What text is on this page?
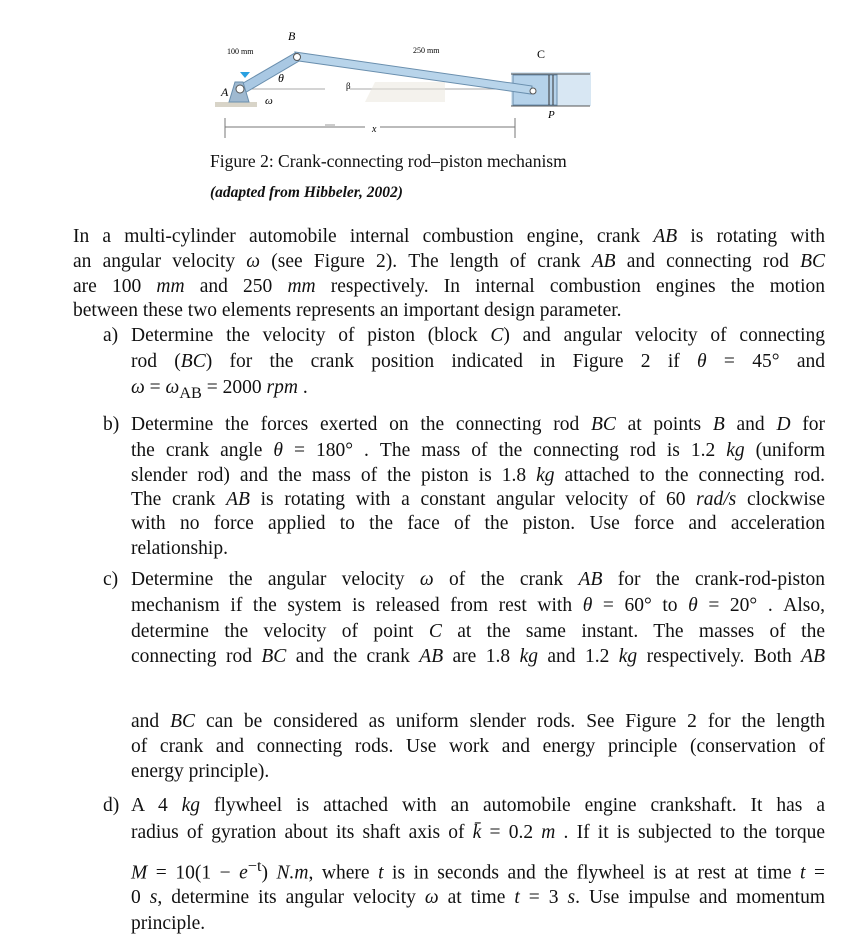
100 mm	250 mm
B
C
A
θ
ω
β
x
P
Figure 2: Crank-connecting rod–piston mechanism
(adapted from Hibbeler, 2002)
In a multi-cylinder automobile internal combustion engine, crank AB is rotating with
an angular velocity ω (see Figure 2). The length of crank AB and connecting rod BC
are 100 mm and 250 mm respectively. In internal combustion engines the motion
between these two elements represents an important design parameter.
a) Determine the velocity of piston (block C) and angular velocity of connecting
rod (BC) for the crank position indicated in Figure 2 if θ = 45° and
$\omega = \omega_{AB} = 2000$ rpm .
b) Determine the forces exerted on the connecting rod BC at points B and D for
the crank angle θ = 180° . The mass of the connecting rod is 1.2 kg (uniform
slender rod) and the mass of the piston is 1.8 kg attached to the connecting rod.
The crank AB is rotating with a constant angular velocity of 60 rad/s clockwise
with no force applied to the face of the piston. Use force and acceleration
relationship.
c) Determine the angular velocity ω of the crank AB for the crank-rod-piston
mechanism if the system is released from rest with θ = 60° to θ = 20° . Also,
determine the velocity of point C at the same instant. The masses of the
connecting rod BC and the crank AB are 1.8 kg and 1.2 kg respectively. Both AB
and BC can be considered as uniform slender rods. See Figure 2 for the length
of crank and connecting rods. Use work and energy principle (conservation of
energy principle).
d) A 4 kg flywheel is attached with an automobile engine crankshaft. It has a
radius of gyration about its shaft axis of k̄ = 0.2 m . If it is subjected to the torque
$M = 10(1 - e^{-t})$ N.m, where t is in seconds and the flywheel is at rest at time t =
0 s, determine its angular velocity ω at time t = 3 s. Use impulse and momentum
principle.
